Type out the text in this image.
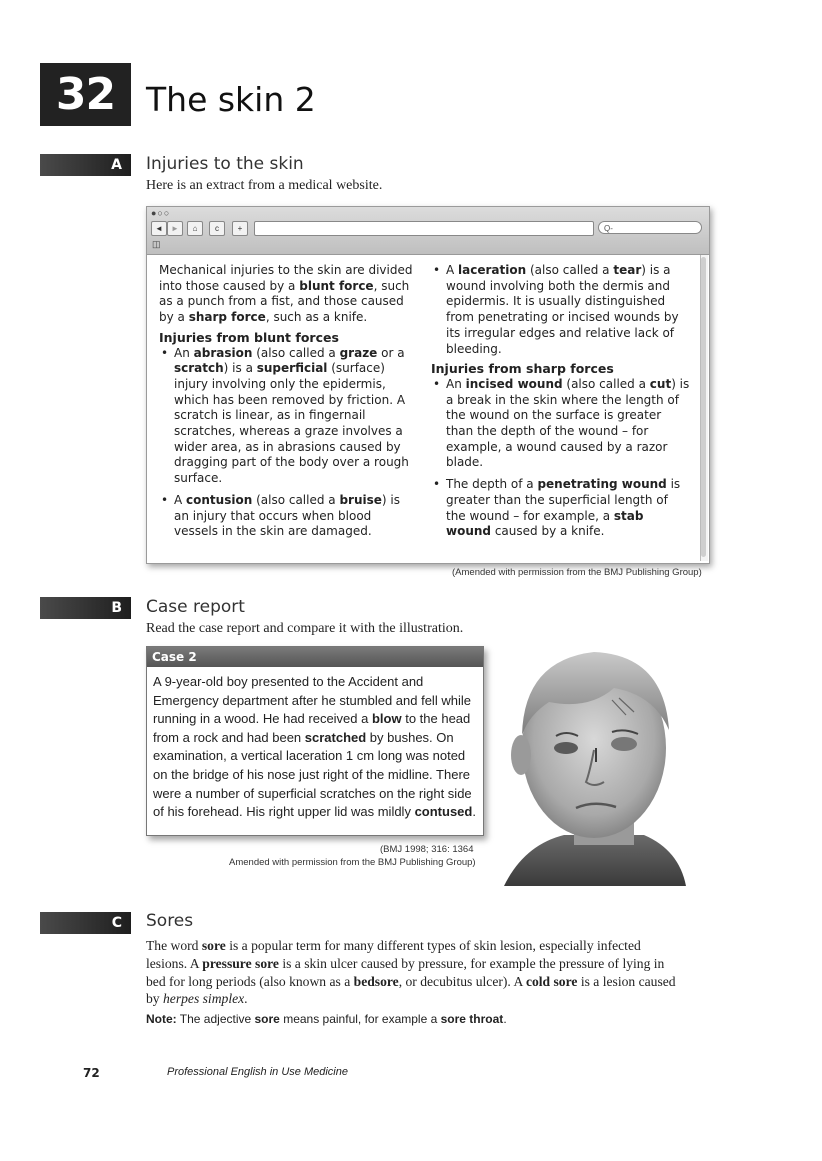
32 The skin 2
A	Injuries to the skin
Here is an extract from a medical website.
●○○
◄	►	⌂	c	+	Q-
◫

Mechanical injuries to the skin are divided into those caused by a blunt force, such as a punch from a fist, and those caused by a sharp force, such as a knife.

Injuries from blunt forces
• An abrasion (also called a graze or a scratch) is a superficial (surface) injury involving only the epidermis, which has been removed by friction. A scratch is linear, as in fingernail scratches, whereas a graze involves a wider area, as in abrasions caused by dragging part of the body over a rough surface.
• A contusion (also called a bruise) is an injury that occurs when blood vessels in the skin are damaged.
• A laceration (also called a tear) is a wound involving both the dermis and epidermis. It is usually distinguished from penetrating or incised wounds by its irregular edges and relative lack of bleeding.
Injuries from sharp forces
• An incised wound (also called a cut) is a break in the skin where the length of the wound on the surface is greater than the depth of the wound – for example, a wound caused by a razor blade.
• The depth of a penetrating wound is greater than the superficial length of the wound – for example, a stab wound caused by a knife.
(Amended with permission from the BMJ Publishing Group)
B	Case report
Read the case report and compare it with the illustration.
Case 2
A 9-year-old boy presented to the Accident and Emergency department after he stumbled and fell while running in a wood. He had received a blow to the head from a rock and had been scratched by bushes. On examination, a vertical laceration 1 cm long was noted on the bridge of his nose just right of the midline. There were a number of superficial scratches on the right side of his forehead. His right upper lid was mildly contused.
(BMJ 1998; 316: 1364
Amended with permission from the BMJ Publishing Group)
C	Sores
The word sore is a popular term for many different types of skin lesion, especially infected lesions. A pressure sore is a skin ulcer caused by pressure, for example the pressure of lying in bed for long periods (also known as a bedsore, or decubitus ulcer). A cold sore is a lesion caused by herpes simplex.
Note: The adjective sore means painful, for example a sore throat.
72	Professional English in Use Medicine
